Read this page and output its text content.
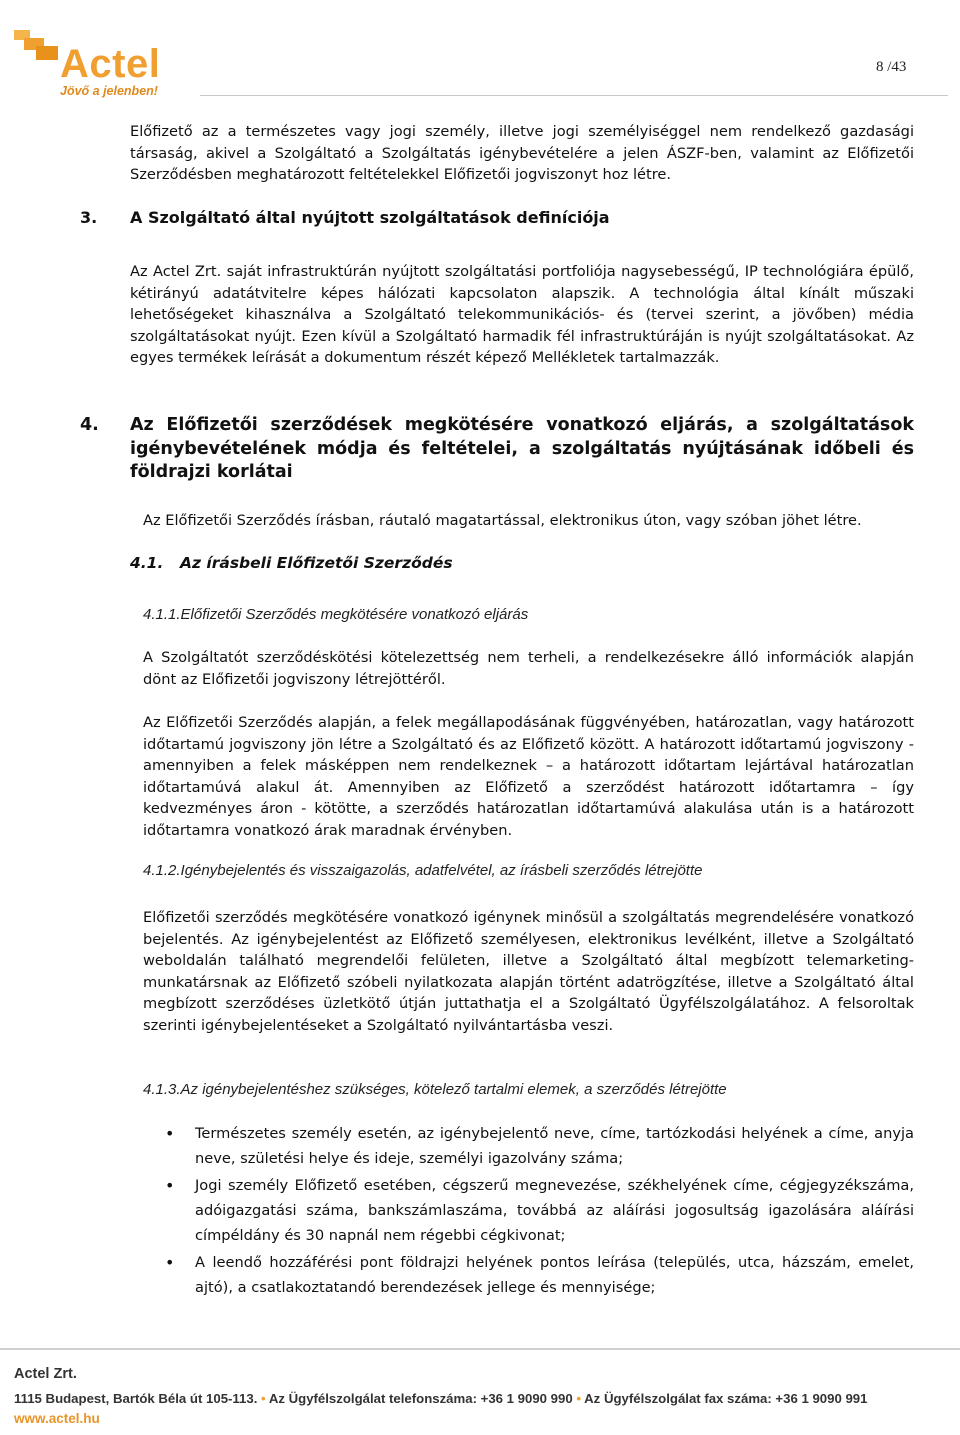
Actel
Jövő a jelenben!
8 /43
Előfizető az a természetes vagy jogi személy, illetve jogi személyiséggel nem rendelkező gazdasági társaság, akivel a Szolgáltató a Szolgáltatás igénybevételére a jelen ÁSZF-ben, valamint az Előfizetői Szerződésben meghatározott feltételekkel Előfizetői jogviszonyt hoz létre.
3. A Szolgáltató által nyújtott szolgáltatások definíciója
Az Actel Zrt. saját infrastruktúrán nyújtott szolgáltatási portfoliója nagysebességű, IP technológiára épülő, kétirányú adatátvitelre képes hálózati kapcsolaton alapszik. A technológia által kínált műszaki lehetőségeket kihasználva a Szolgáltató telekommunikációs- és (tervei szerint, a jövőben) média szolgáltatásokat nyújt. Ezen kívül a Szolgáltató harmadik fél infrastruktúráján is nyújt szolgáltatásokat. Az egyes termékek leírását a dokumentum részét képező Mellékletek tartalmazzák.
4. Az Előfizetői szerződések megkötésére vonatkozó eljárás, a szolgáltatások igénybevételének módja és feltételei, a szolgáltatás nyújtásának időbeli és földrajzi korlátai
Az Előfizetői Szerződés írásban, ráutaló magatartással, elektronikus úton, vagy szóban jöhet létre.
4.1. Az írásbeli Előfizetői Szerződés
4.1.1.Előfizetői Szerződés megkötésére vonatkozó eljárás
A Szolgáltatót szerződéskötési kötelezettség nem terheli, a rendelkezésekre álló információk alapján dönt az Előfizetői jogviszony létrejöttéről.
Az Előfizetői Szerződés alapján, a felek megállapodásának függvényében, határozatlan, vagy határozott időtartamú jogviszony jön létre a Szolgáltató és az Előfizető között. A határozott időtartamú jogviszony - amennyiben a felek másképpen nem rendelkeznek – a határozott időtartam lejártával határozatlan időtartamúvá alakul át. Amennyiben az Előfizető a szerződést határozott időtartamra – így kedvezményes áron - kötötte, a szerződés határozatlan időtartamúvá alakulása után is a határozott időtartamra vonatkozó árak maradnak érvényben.
4.1.2.Igénybejelentés és visszaigazolás, adatfelvétel, az írásbeli szerződés létrejötte
Előfizetői szerződés megkötésére vonatkozó igénynek minősül a szolgáltatás megrendelésére vonatkozó bejelentés. Az igénybejelentést az Előfizető személyesen, elektronikus levélként, illetve a Szolgáltató weboldalán található megrendelői felületen, illetve a Szolgáltató által megbízott telemarketing-munkatársnak az Előfizető szóbeli nyilatkozata alapján történt adatrögzítése, illetve a Szolgáltató által megbízott szerződéses üzletkötő útján juttathatja el a Szolgáltató Ügyfélszolgálatához. A felsoroltak szerinti igénybejelentéseket a Szolgáltató nyilvántartásba veszi.
4.1.3.Az igénybejelentéshez szükséges, kötelező tartalmi elemek, a szerződés létrejötte
• Természetes személy esetén, az igénybejelentő neve, címe, tartózkodási helyének a címe, anyja neve, születési helye és ideje, személyi igazolvány száma;
• Jogi személy Előfizető esetében, cégszerű megnevezése, székhelyének címe, cégjegyzékszáma, adóigazgatási száma, bankszámlaszáma, továbbá az aláírási jogosultság igazolására aláírási címpéldány és 30 napnál nem régebbi cégkivonat;
• A leendő hozzáférési pont földrajzi helyének pontos leírása (település, utca, házszám, emelet, ajtó), a csatlakoztatandó berendezések jellege és mennyisége;
Actel Zrt.
1115 Budapest, Bartók Béla út 105-113. • Az Ügyfélszolgálat telefonszáma: +36 1 9090 990 • Az Ügyfélszolgálat fax száma: +36 1 9090 991
www.actel.hu
